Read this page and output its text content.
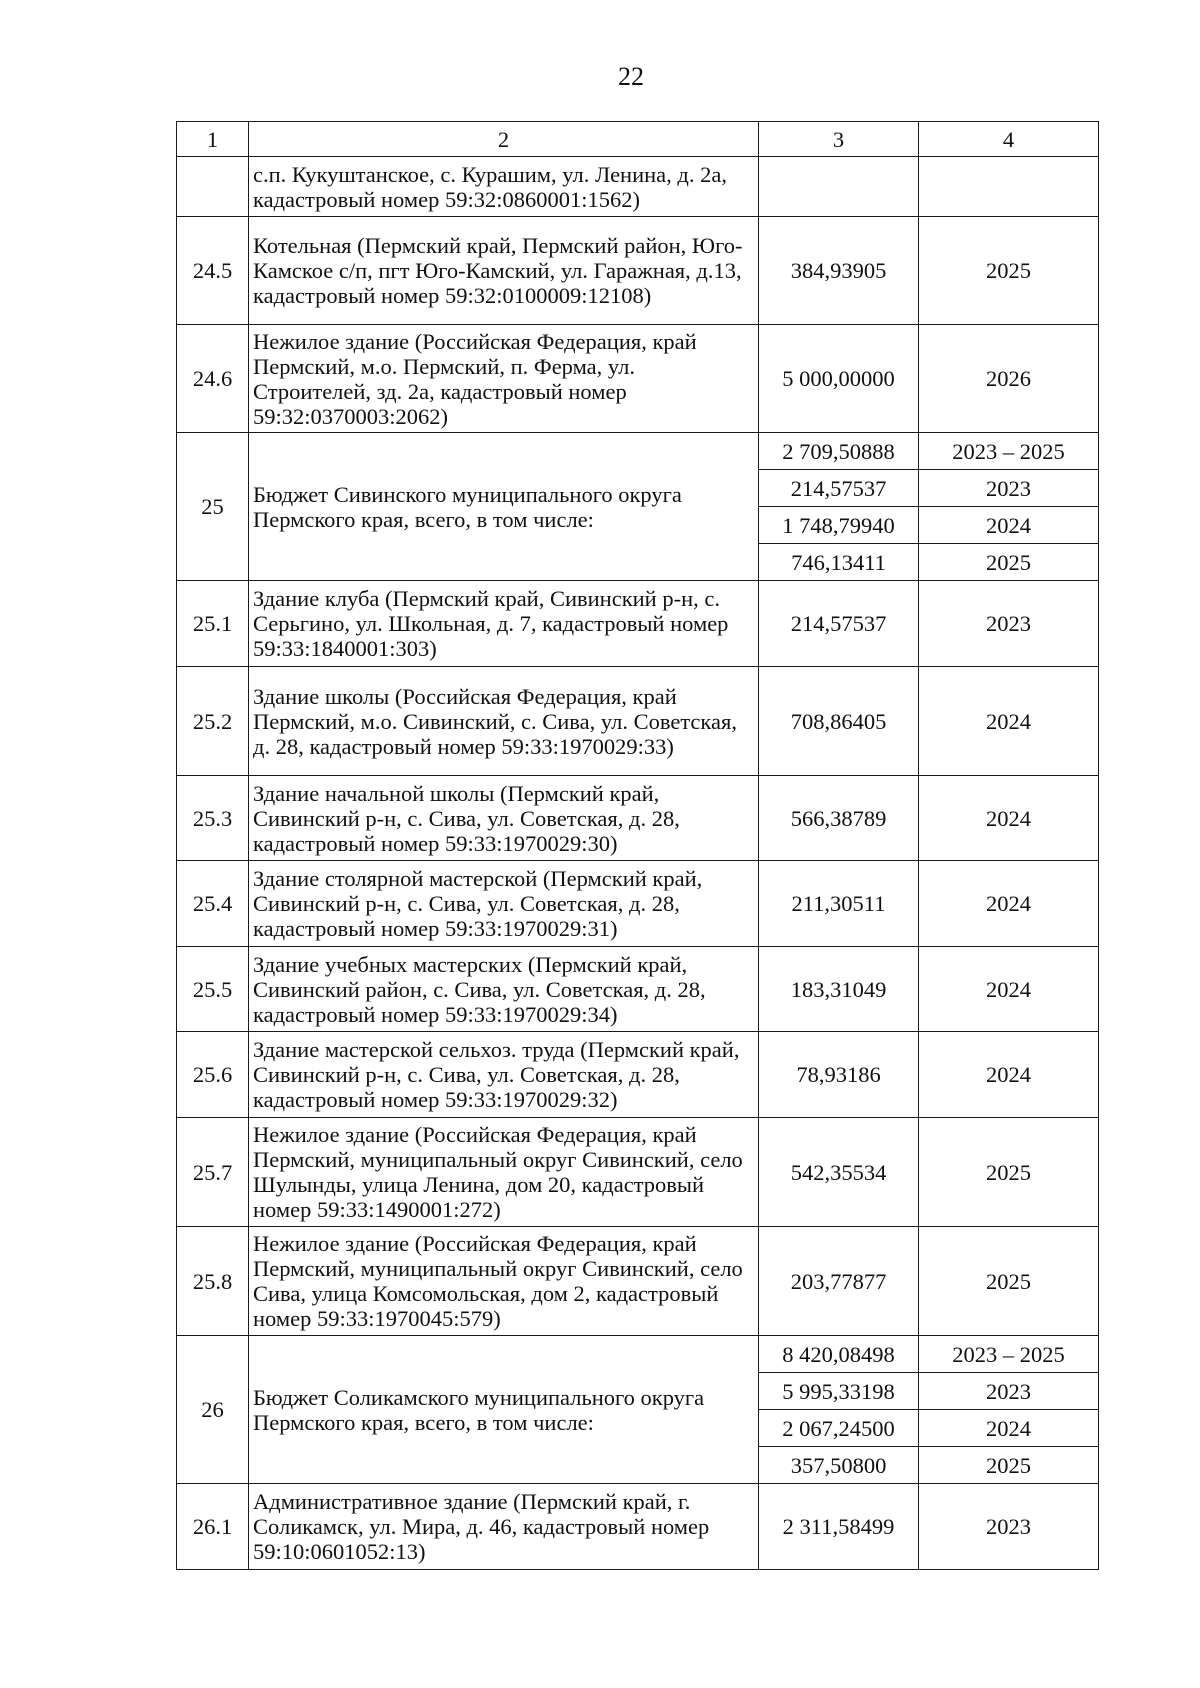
22
1	2	3	4
	с.п. Кукуштанское, с. Курашим, ул. Ленина, д. 2а, кадастровый номер 59:32:0860001:1562)		
24.5	Котельная (Пермский край, Пермский район, Юго-Камское с/п, пгт Юго-Камский, ул. Гаражная, д.13, кадастровый номер 59:32:0100009:12108)	384,93905	2025
24.6	Нежилое здание (Российская Федерация, край Пермский, м.о. Пермский, п. Ферма, ул. Строителей, зд. 2а, кадастровый номер 59:32:0370003:2062)	5 000,00000	2026
25	Бюджет Сивинского муниципального округа Пермского края, всего, в том числе:	2 709,50888	2023 – 2025
		214,57537	2023
		1 748,79940	2024
		746,13411	2025
25.1	Здание клуба (Пермский край, Сивинский р-н, с. Серьгино, ул. Школьная, д. 7, кадастровый номер 59:33:1840001:303)	214,57537	2023
25.2	Здание школы (Российская Федерация, край Пермский, м.о. Сивинский, с. Сива, ул. Советская, д. 28, кадастровый номер 59:33:1970029:33)	708,86405	2024
25.3	Здание начальной школы (Пермский край, Сивинский р-н, с. Сива, ул. Советская, д. 28, кадастровый номер 59:33:1970029:30)	566,38789	2024
25.4	Здание столярной мастерской (Пермский край, Сивинский р-н, с. Сива, ул. Советская, д. 28, кадастровый номер 59:33:1970029:31)	211,30511	2024
25.5	Здание учебных мастерских (Пермский край, Сивинский район, с. Сива, ул. Советская, д. 28, кадастровый номер 59:33:1970029:34)	183,31049	2024
25.6	Здание мастерской сельхоз. труда (Пермский край, Сивинский р-н, с. Сива, ул. Советская, д. 28, кадастровый номер 59:33:1970029:32)	78,93186	2024
25.7	Нежилое здание (Российская Федерация, край Пермский, муниципальный округ Сивинский, село Шулынды, улица Ленина, дом 20, кадастровый номер 59:33:1490001:272)	542,35534	2025
25.8	Нежилое здание (Российская Федерация, край Пермский, муниципальный округ Сивинский, село Сива, улица Комсомольская, дом 2, кадастровый номер 59:33:1970045:579)	203,77877	2025
26	Бюджет Соликамского муниципального округа Пермского края, всего, в том числе:	8 420,08498	2023 – 2025
		5 995,33198	2023
		2 067,24500	2024
		357,50800	2025
26.1	Административное здание (Пермский край, г. Соликамск, ул. Мира, д. 46, кадастровый номер 59:10:0601052:13)	2 311,58499	2023
